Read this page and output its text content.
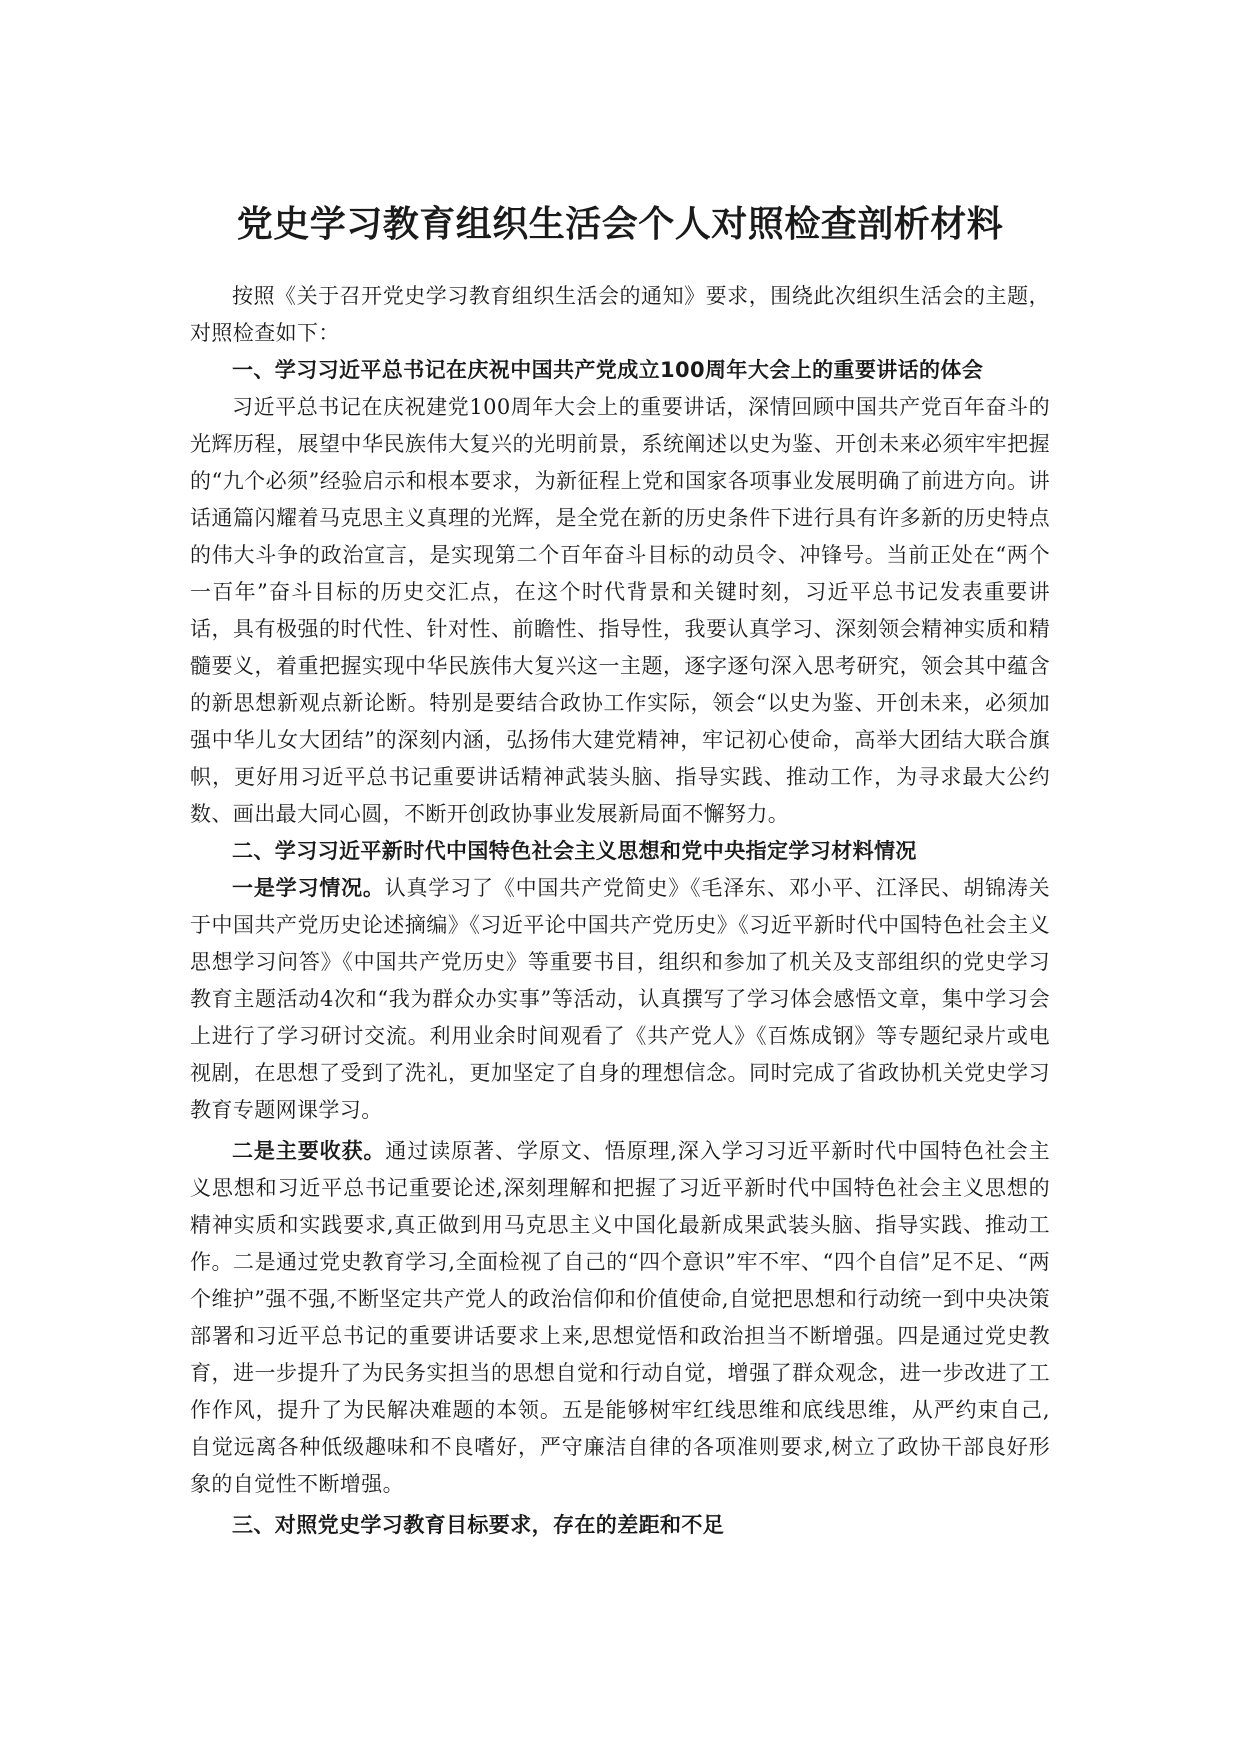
党史学习教育组织生活会个人对照检查剖析材料

按照《关于召开党史学习教育组织生活会的通知》要求，围绕此次组织生活会的主题，对照检查如下：

一、学习习近平总书记在庆祝中国共产党成立100周年大会上的重要讲话的体会

习近平总书记在庆祝建党100周年大会上的重要讲话，深情回顾中国共产党百年奋斗的光辉历程，展望中华民族伟大复兴的光明前景，系统阐述以史为鉴、开创未来必须牢牢把握的“九个必须”经验启示和根本要求，为新征程上党和国家各项事业发展明确了前进方向。讲话通篇闪耀着马克思主义真理的光辉，是全党在新的历史条件下进行具有许多新的历史特点的伟大斗争的政治宣言，是实现第二个百年奋斗目标的动员令、冲锋号。当前正处在“两个一百年”奋斗目标的历史交汇点，在这个时代背景和关键时刻，习近平总书记发表重要讲话，具有极强的时代性、针对性、前瞻性、指导性，我要认真学习、深刻领会精神实质和精髓要义，着重把握实现中华民族伟大复兴这一主题，逐字逐句深入思考研究，领会其中蕴含的新思想新观点新论断。特别是要结合政协工作实际，领会“以史为鉴、开创未来，必须加强中华儿女大团结”的深刻内涵，弘扬伟大建党精神，牢记初心使命，高举大团结大联合旗帜，更好用习近平总书记重要讲话精神武装头脑、指导实践、推动工作，为寻求最大公约数、画出最大同心圆，不断开创政协事业发展新局面不懈努力。

二、学习习近平新时代中国特色社会主义思想和党中央指定学习材料情况

一是学习情况。认真学习了《中国共产党简史》《毛泽东、邓小平、江泽民、胡锦涛关于中国共产党历史论述摘编》《习近平论中国共产党历史》《习近平新时代中国特色社会主义思想学习问答》《中国共产党历史》等重要书目，组织和参加了机关及支部组织的党史学习教育主题活动4次和“我为群众办实事”等活动，认真撰写了学习体会感悟文章，集中学习会上进行了学习研讨交流。利用业余时间观看了《共产党人》《百炼成钢》等专题纪录片或电视剧，在思想了受到了洗礼，更加坚定了自身的理想信念。同时完成了省政协机关党史学习教育专题网课学习。

二是主要收获。通过读原著、学原文、悟原理,深入学习习近平新时代中国特色社会主义思想和习近平总书记重要论述,深刻理解和把握了习近平新时代中国特色社会主义思想的精神实质和实践要求,真正做到用马克思主义中国化最新成果武装头脑、指导实践、推动工作。二是通过党史教育学习,全面检视了自己的“四个意识”牢不牢、“四个自信”足不足、“两个维护”强不强,不断坚定共产党人的政治信仰和价值使命,自觉把思想和行动统一到中央决策部署和习近平总书记的重要讲话要求上来,思想觉悟和政治担当不断增强。四是通过党史教育，进一步提升了为民务实担当的思想自觉和行动自觉，增强了群众观念，进一步改进了工作作风，提升了为民解决难题的本领。五是能够树牢红线思维和底线思维，从严约束自己,自觉远离各种低级趣味和不良嗜好，严守廉洁自律的各项准则要求,树立了政协干部良好形象的自觉性不断增强。

三、对照党史学习教育目标要求，存在的差距和不足
